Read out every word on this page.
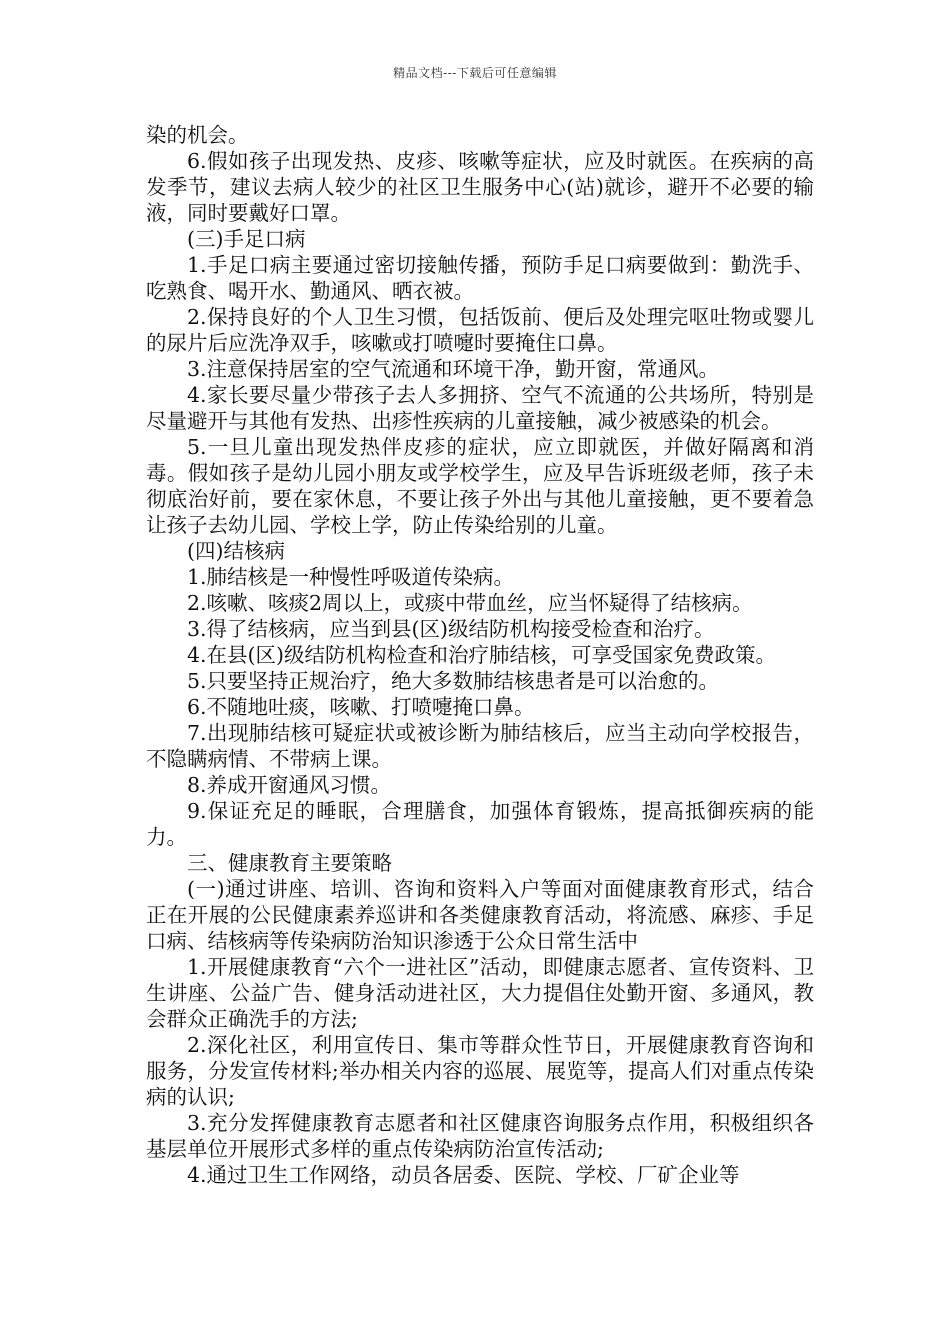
精品文档---下载后可任意编辑

染的机会。

6.假如孩子出现发热、皮疹、咳嗽等症状，应及时就医。在疾病的高发季节，建议去病人较少的社区卫生服务中心(站)就诊，避开不必要的输液，同时要戴好口罩。

(三)手足口病

1.手足口病主要通过密切接触传播，预防手足口病要做到：勤洗手、吃熟食、喝开水、勤通风、晒衣被。

2.保持良好的个人卫生习惯，包括饭前、便后及处理完呕吐物或婴儿的尿片后应洗净双手，咳嗽或打喷嚏时要掩住口鼻。

3.注意保持居室的空气流通和环境干净，勤开窗，常通风。

4.家长要尽量少带孩子去人多拥挤、空气不流通的公共场所，特别是尽量避开与其他有发热、出疹性疾病的儿童接触，减少被感染的机会。

5.一旦儿童出现发热伴皮疹的症状，应立即就医，并做好隔离和消毒。假如孩子是幼儿园小朋友或学校学生，应及早告诉班级老师，孩子未彻底治好前，要在家休息，不要让孩子外出与其他儿童接触，更不要着急让孩子去幼儿园、学校上学，防止传染给别的儿童。

(四)结核病

1.肺结核是一种慢性呼吸道传染病。

2.咳嗽、咳痰2周以上，或痰中带血丝，应当怀疑得了结核病。

3.得了结核病，应当到县(区)级结防机构接受检查和治疗。

4.在县(区)级结防机构检查和治疗肺结核，可享受国家免费政策。

5.只要坚持正规治疗，绝大多数肺结核患者是可以治愈的。

6.不随地吐痰，咳嗽、打喷嚏掩口鼻。

7.出现肺结核可疑症状或被诊断为肺结核后，应当主动向学校报告，不隐瞒病情、不带病上课。

8.养成开窗通风习惯。

9.保证充足的睡眠，合理膳食，加强体育锻炼，提高抵御疾病的能力。

三、健康教育主要策略

(一)通过讲座、培训、咨询和资料入户等面对面健康教育形式，结合正在开展的公民健康素养巡讲和各类健康教育活动，将流感、麻疹、手足口病、结核病等传染病防治知识渗透于公众日常生活中

1.开展健康教育“六个一进社区”活动，即健康志愿者、宣传资料、卫生讲座、公益广告、健身活动进社区，大力提倡住处勤开窗、多通风，教会群众正确洗手的方法;

2.深化社区，利用宣传日、集市等群众性节日，开展健康教育咨询和服务，分发宣传材料;举办相关内容的巡展、展览等，提高人们对重点传染病的认识;

3.充分发挥健康教育志愿者和社区健康咨询服务点作用，积极组织各基层单位开展形式多样的重点传染病防治宣传活动;

4.通过卫生工作网络，动员各居委、医院、学校、厂矿企业等
